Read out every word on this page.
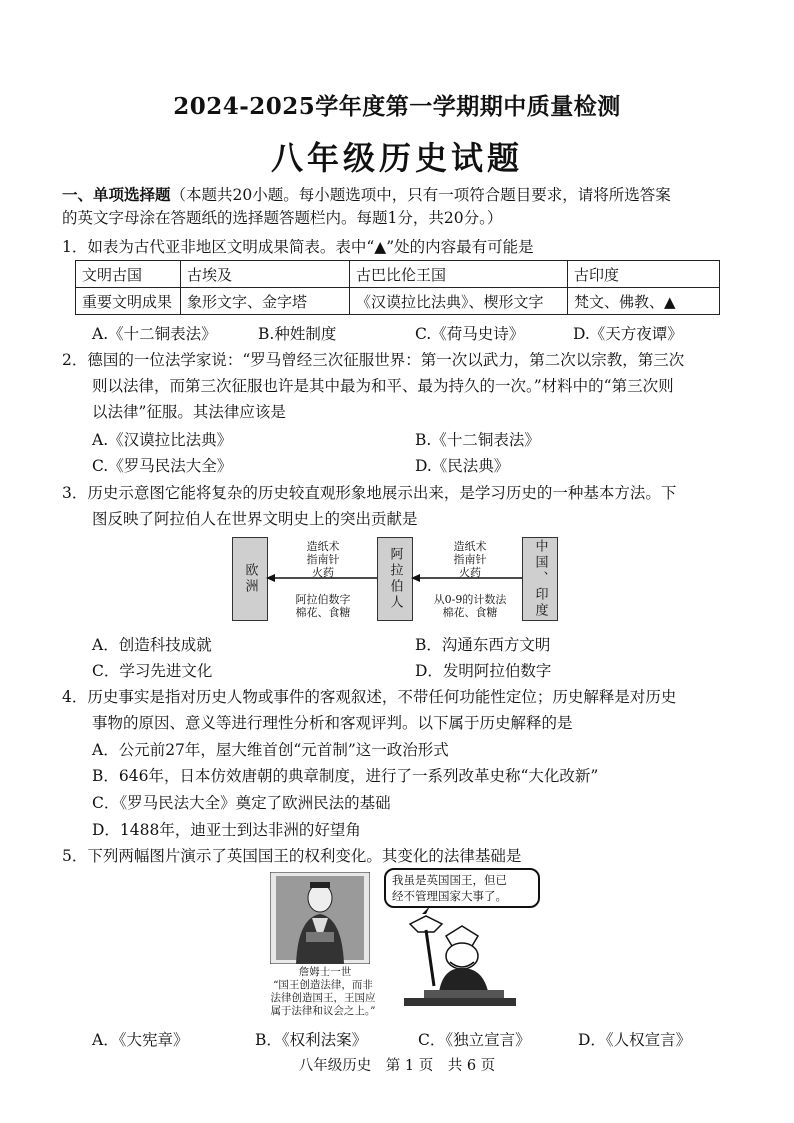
2024-2025学年度第一学期期中质量检测
八年级历史试题
一、单项选择题（本题共20小题。每小题选项中，只有一项符合题目要求，请将所选答案
的英文字母涂在答题纸的选择题答题栏内。每题1分，共20分。）
1．如表为古代亚非地区文明成果简表。表中“▲”处的内容最有可能是
文明古国	古埃及	古巴比伦王国	古印度
重要文明成果	象形文字、金字塔	《汉谟拉比法典》、楔形文字	梵文、佛教、▲
A.《十二铜表法》	B.种姓制度	C.《荷马史诗》	D.《天方夜谭》
2．德国的一位法学家说：“罗马曾经三次征服世界：第一次以武力，第二次以宗教，第三次
则以法律，而第三次征服也许是其中最为和平、最为持久的一次。”材料中的“第三次则
以法律”征服。其法律应该是
A.《汉谟拉比法典》	B.《十二铜表法》
C.《罗马民法大全》	D.《民法典》
3．历史示意图它能将复杂的历史较直观形象地展示出来，是学习历史的一种基本方法。下
图反映了阿拉伯人在世界文明史上的突出贡献是
欧洲	阿拉伯人	中国、印度
造纸术
指南针
火药
阿拉伯数字
棉花、食糖
造纸术
指南针
火药
从0-9的计数法
棉花、食糖
A．创造科技成就	B．沟通东西方文明
C．学习先进文化	D．发明阿拉伯数字
4．历史事实是指对历史人物或事件的客观叙述，不带任何功能性定位；历史解释是对历史
事物的原因、意义等进行理性分析和客观评判。以下属于历史解释的是
A．公元前27年，屋大维首创“元首制”这一政治形式
B．646年，日本仿效唐朝的典章制度，进行了一系列改革史称“大化改新”
C．《罗马民法大全》奠定了欧洲民法的基础
D．1488年，迪亚士到达非洲的好望角
5．下列两幅图片演示了英国国王的权利变化。其变化的法律基础是
詹姆士一世
“国王创造法律，而非
法律创造国王，王国应
属于法律和议会之上。”
我虽是英国国王，但已
经不管理国家大事了。
A．《大宪章》	B．《权利法案》	C．《独立宣言》	D．《人权宣言》
八年级历史　第 1 页　共 6 页
